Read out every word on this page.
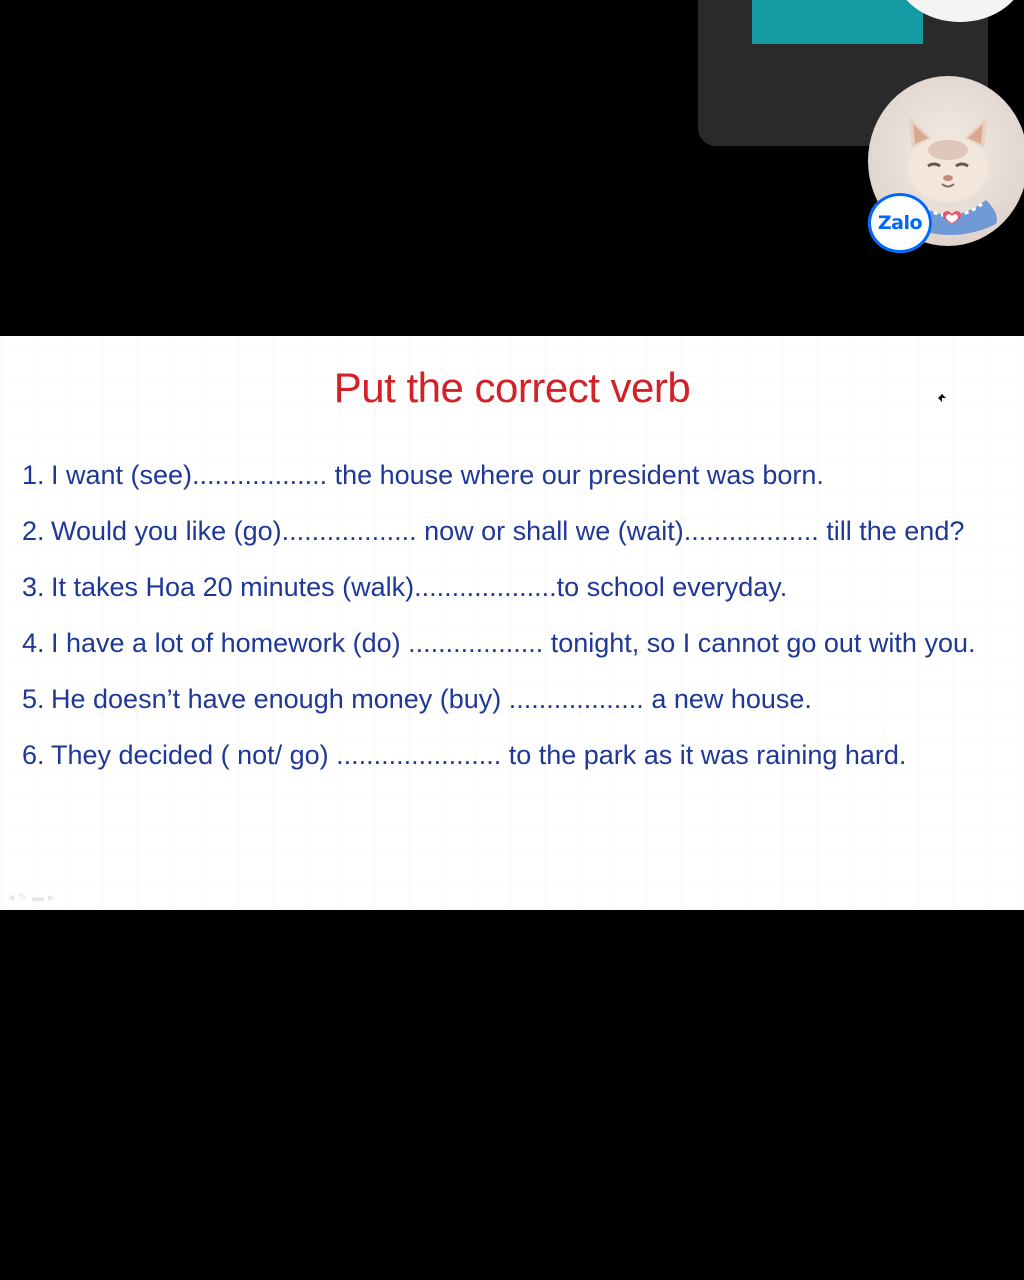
Zalo
Put the correct verb
1. I want (see).................. the house where our president was born.
2. Would you like (go).................. now or shall we (wait).................. till the end?
3. It takes Hoa 20 minutes (walk)...................to school everyday.
4. I have a lot of homework (do) .................. tonight, so I cannot go out with you.
5. He doesn’t have enough money (buy) .................. a new house.
6. They decided ( not/ go) ...................... to the park as it was raining hard.
◂✎▬▸
